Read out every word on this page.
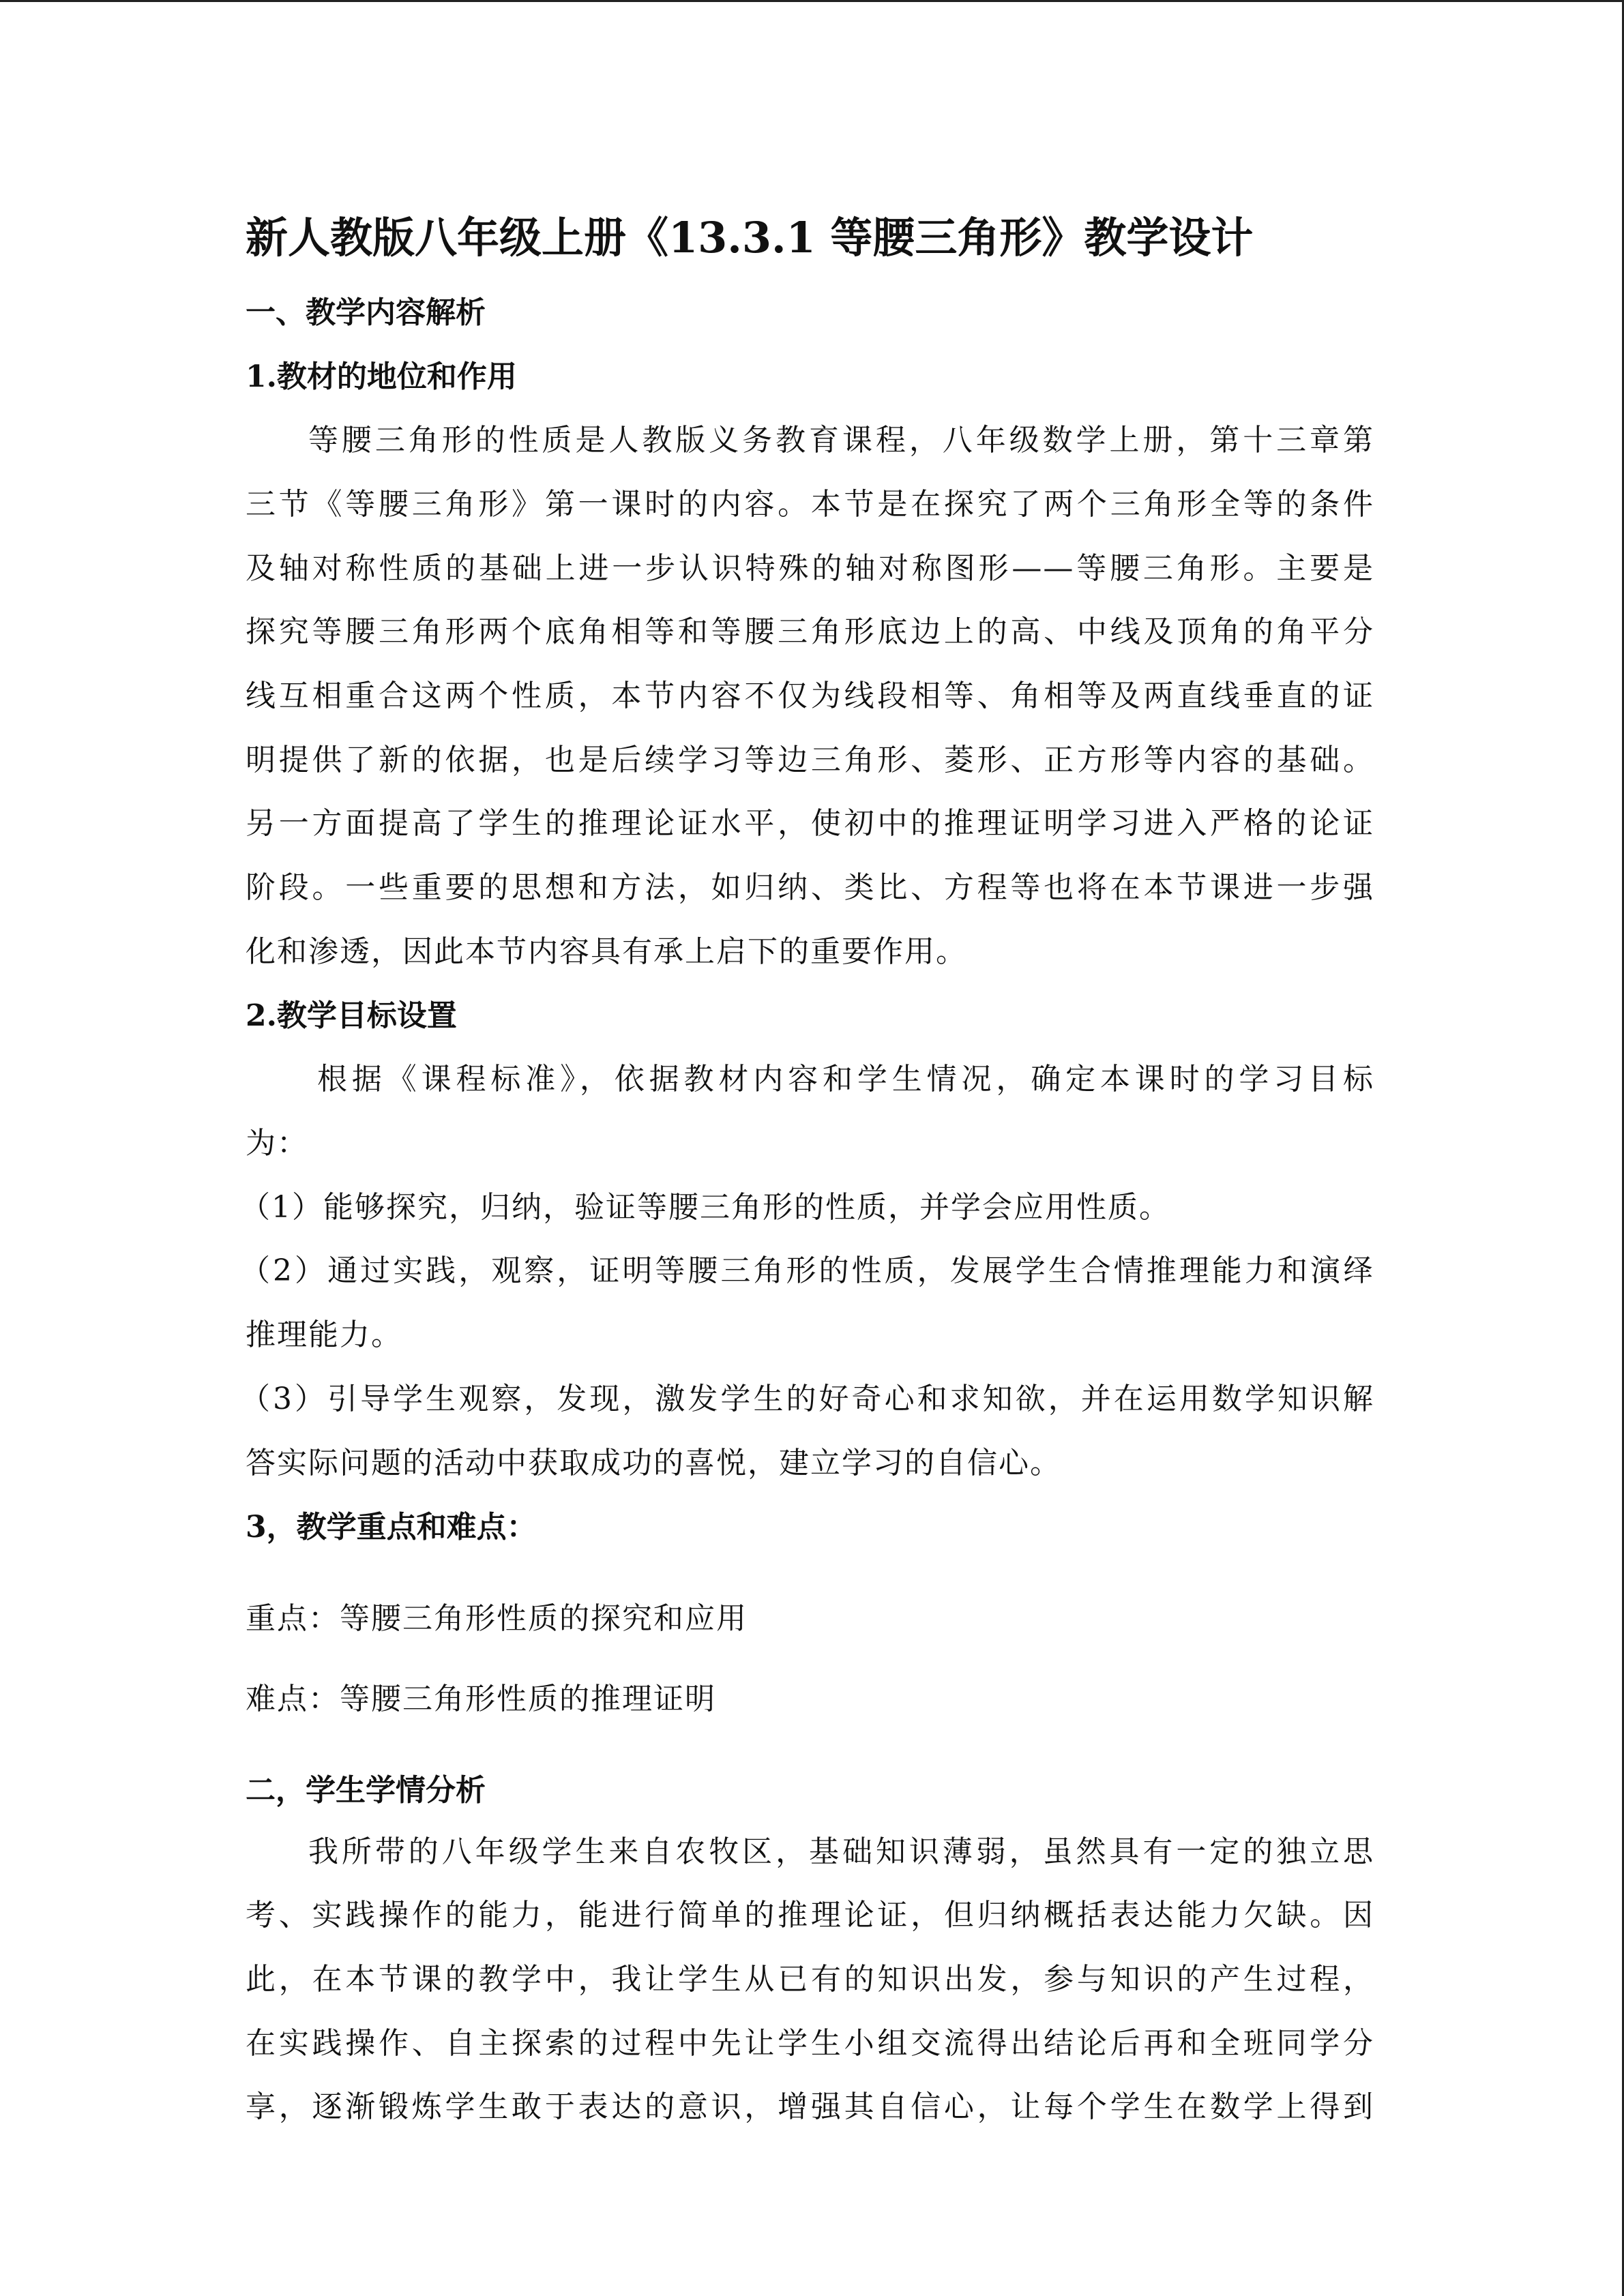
新人教版八年级上册《13.3.1 等腰三角形》教学设计
一、教学内容解析
1.教材的地位和作用
等腰三角形的性质是人教版义务教育课程，八年级数学上册，第十三章第
三节《等腰三角形》第一课时的内容。本节是在探究了两个三角形全等的条件
及轴对称性质的基础上进一步认识特殊的轴对称图形——等腰三角形。主要是
探究等腰三角形两个底角相等和等腰三角形底边上的高、中线及顶角的角平分
线互相重合这两个性质，本节内容不仅为线段相等、角相等及两直线垂直的证
明提供了新的依据，也是后续学习等边三角形、菱形、正方形等内容的基础。
另一方面提高了学生的推理论证水平，使初中的推理证明学习进入严格的论证
阶段。一些重要的思想和方法，如归纳、类比、方程等也将在本节课进一步强
化和渗透，因此本节内容具有承上启下的重要作用。
2.教学目标设置
根据《课程标准》，依据教材内容和学生情况，确定本课时的学习目标
为：
（1）能够探究，归纳，验证等腰三角形的性质，并学会应用性质。
（2）通过实践，观察，证明等腰三角形的性质，发展学生合情推理能力和演绎
推理能力。
（3）引导学生观察，发现，激发学生的好奇心和求知欲，并在运用数学知识解
答实际问题的活动中获取成功的喜悦，建立学习的自信心。
3，教学重点和难点：
重点：等腰三角形性质的探究和应用
难点：等腰三角形性质的推理证明
二，学生学情分析
我所带的八年级学生来自农牧区，基础知识薄弱，虽然具有一定的独立思
考、实践操作的能力，能进行简单的推理论证，但归纳概括表达能力欠缺。因
此，在本节课的教学中，我让学生从已有的知识出发，参与知识的产生过程，
在实践操作、自主探索的过程中先让学生小组交流得出结论后再和全班同学分
享，逐渐锻炼学生敢于表达的意识，增强其自信心，让每个学生在数学上得到
